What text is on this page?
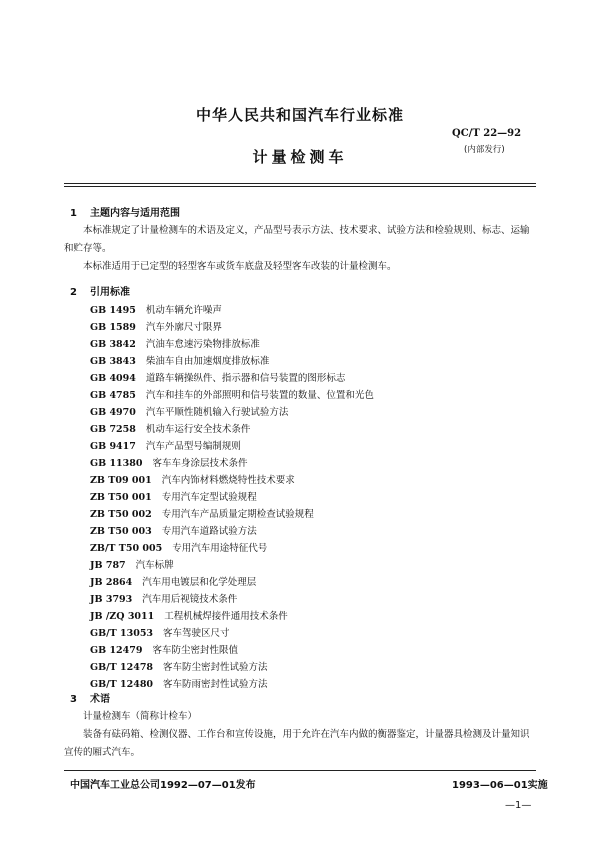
中华人民共和国汽车行业标准
QC/T 22—92
(内部发行)
计量检测车
1 主题内容与适用范围

本标准规定了计量检测车的术语及定义，产品型号表示方法、技术要求、试验方法和检验规则、标志、运输和贮存等。

本标准适用于已定型的轻型客车或货车底盘及轻型客车改装的计量检测车。

2 引用标准
GB 1495 机动车辆允许噪声
GB 1589 汽车外廓尺寸限界
GB 3842 汽油车怠速污染物排放标准
GB 3843 柴油车自由加速烟度排放标准
GB 4094 道路车辆操纵件、指示器和信号装置的图形标志
GB 4785 汽车和挂车的外部照明和信号装置的数量、位置和光色
GB 4970 汽车平顺性随机输入行驶试验方法
GB 7258 机动车运行安全技术条件
GB 9417 汽车产品型号编制规则
GB 11380 客车车身涂层技术条件
ZB T09 001 汽车内饰材料燃烧特性技术要求
ZB T50 001 专用汽车定型试验规程
ZB T50 002 专用汽车产品质量定期检查试验规程
ZB T50 003 专用汽车道路试验方法
ZB/T T50 005 专用汽车用途特征代号
JB 787 汽车标牌
JB 2864 汽车用电镀层和化学处理层
JB 3793 汽车用后视镜技术条件
JB /ZQ 3011 工程机械焊接件通用技术条件
GB/T 13053 客车驾驶区尺寸
GB 12479 客车防尘密封性限值
GB/T 12478 客车防尘密封性试验方法
GB/T 12480 客车防雨密封性试验方法
3 术语

计量检测车（简称计检车）

装备有砝码箱、检测仪器、工作台和宣传设施，用于允许在汽车内做的衡器鉴定，计量器具检测及计量知识宣传的厢式汽车。

中国汽车工业总公司1992—07—01发布	1993—06—01实施
—1—
